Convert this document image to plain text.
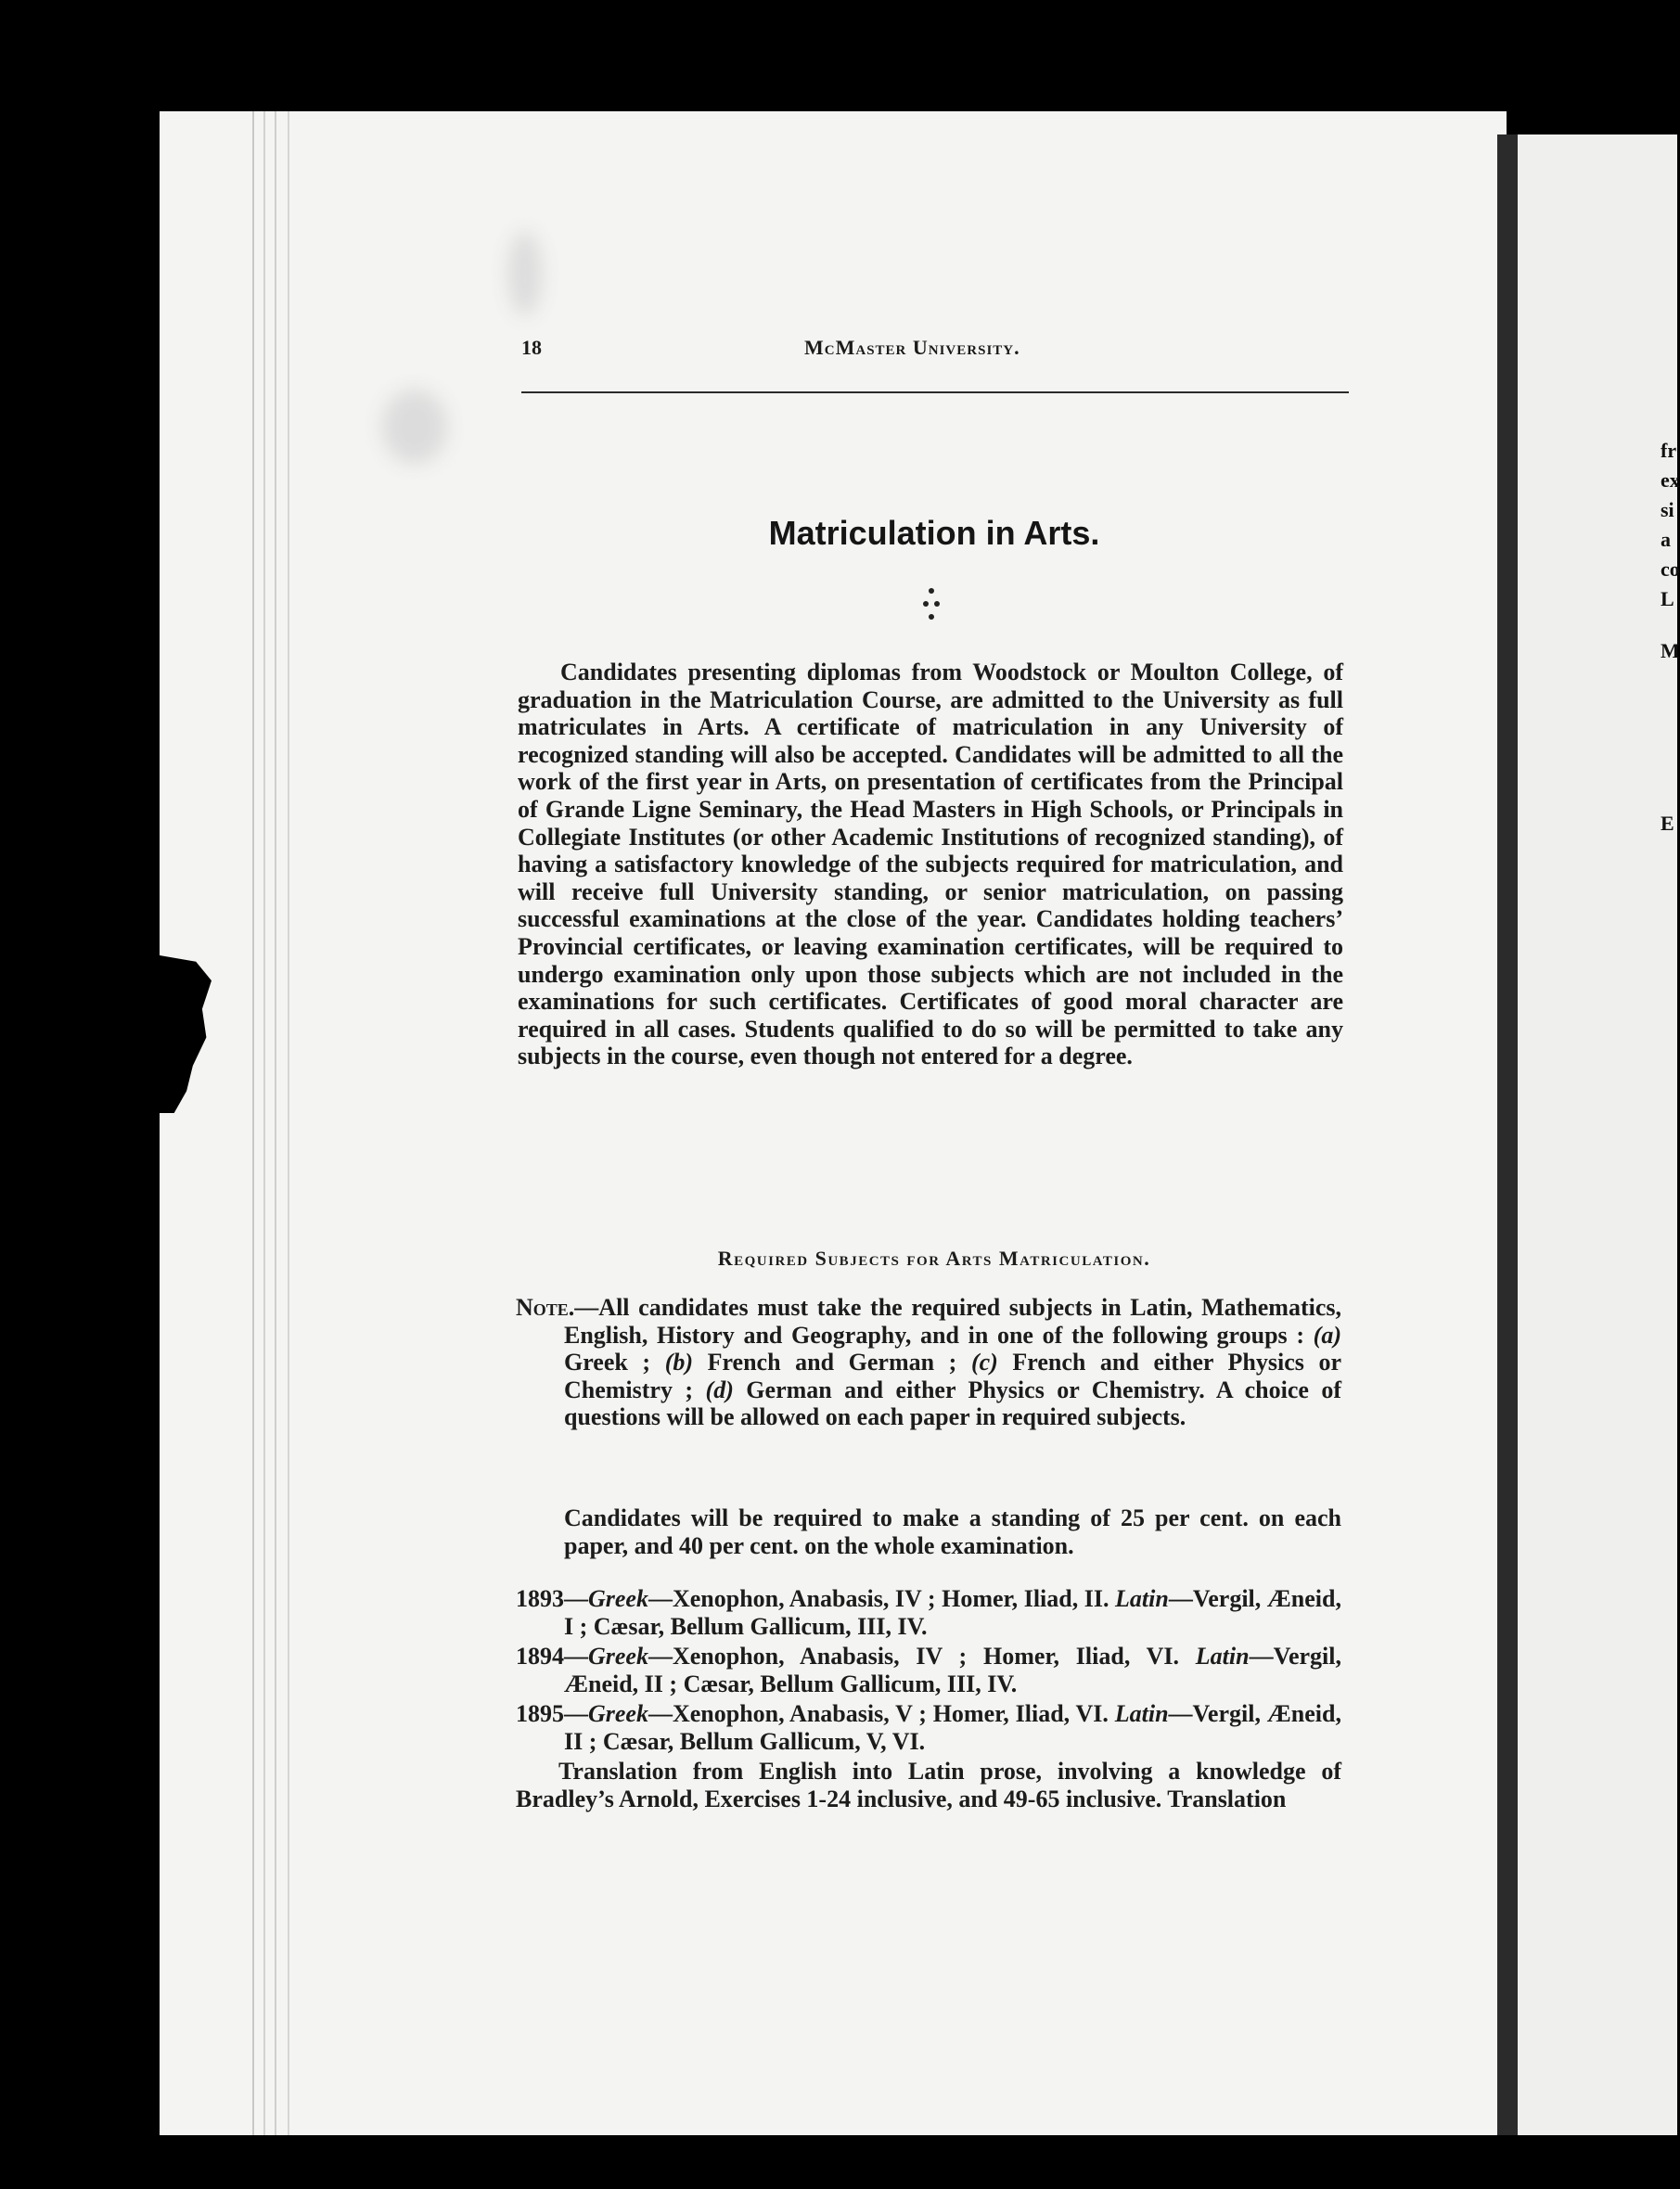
fr
ex
si
a
co
L
M
E
18	McMaster University.
Matriculation in Arts.
Candidates presenting diplomas from Woodstock or Moulton College, of graduation in the Matriculation Course, are admitted to the University as full matriculates in Arts. A certificate of matriculation in any University of recognized standing will also be accepted. Candidates will be admitted to all the work of the first year in Arts, on presentation of certificates from the Principal of Grande Ligne Seminary, the Head Masters in High Schools, or Principals in Collegiate Institutes (or other Academic Institutions of recognized standing), of having a satisfactory knowledge of the subjects required for matriculation, and will receive full University standing, or senior matriculation, on passing successful examinations at the close of the year. Candidates holding teachers’ Provincial certificates, or leaving examination certificates, will be required to undergo examination only upon those subjects which are not included in the examinations for such certificates. Certificates of good moral character are required in all cases. Students qualified to do so will be permitted to take any subjects in the course, even though not entered for a degree.
Required Subjects for Arts Matriculation.
Note.—All candidates must take the required subjects in Latin, Mathematics, English, History and Geography, and in one of the following groups : (a) Greek ; (b) French and German ; (c) French and either Physics or Chemistry ; (d) German and either Physics or Chemistry. A choice of questions will be allowed on each paper in required subjects.
Candidates will be required to make a standing of 25 per cent. on each paper, and 40 per cent. on the whole examination.
1893—Greek—Xenophon, Anabasis, IV ; Homer, Iliad, II. Latin—Vergil, Æneid, I ; Cæsar, Bellum Gallicum, III, IV.
1894—Greek—Xenophon, Anabasis, IV ; Homer, Iliad, VI. Latin—Vergil, Æneid, II ; Cæsar, Bellum Gallicum, III, IV.
1895—Greek—Xenophon, Anabasis, V ; Homer, Iliad, VI. Latin—Vergil, Æneid, II ; Cæsar, Bellum Gallicum, V, VI.
Translation from English into Latin prose, involving a knowledge of Bradley’s Arnold, Exercises 1-24 inclusive, and 49-65 inclusive. Translation
